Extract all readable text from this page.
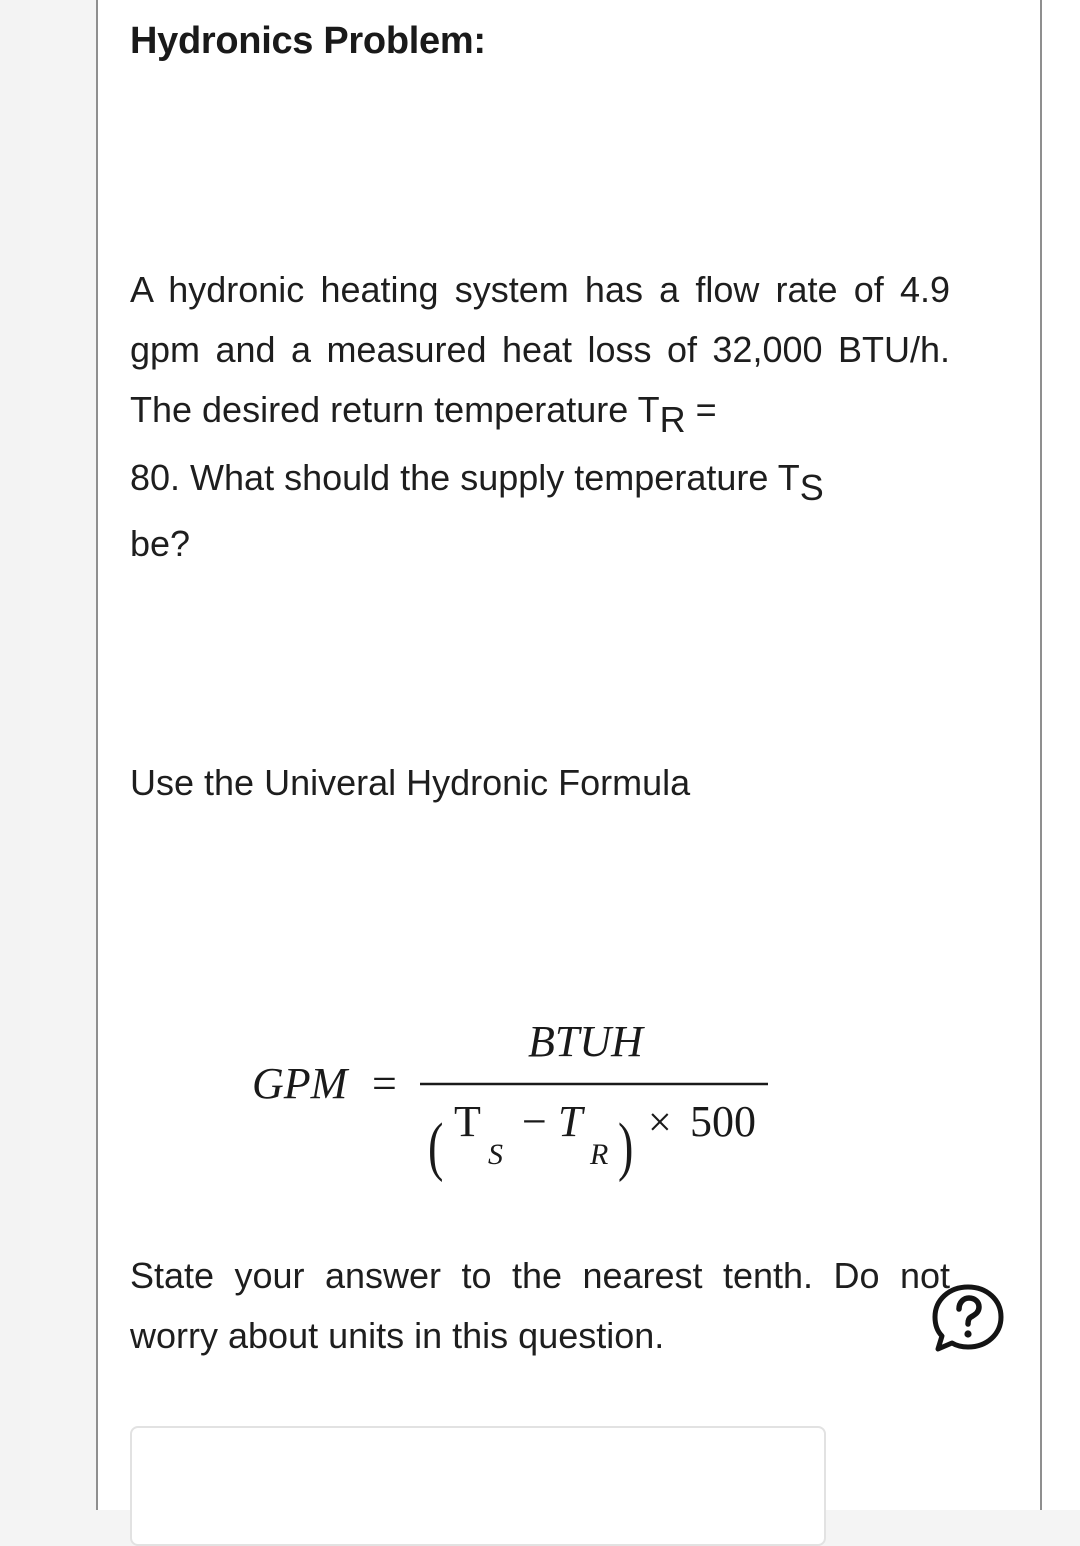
Hydronics Problem:

A hydronic heating system has a flow rate of 4.9 gpm and a measured heat loss of 32,000 BTU/h. The desired return temperature TR =
80. What should the supply temperature TS
be?

Use the Univeral Hydronic Formula

GPM =
BTUH
( T
S
− T
R ) × 500

State your answer to the nearest tenth. Do not worry about units in this question.
